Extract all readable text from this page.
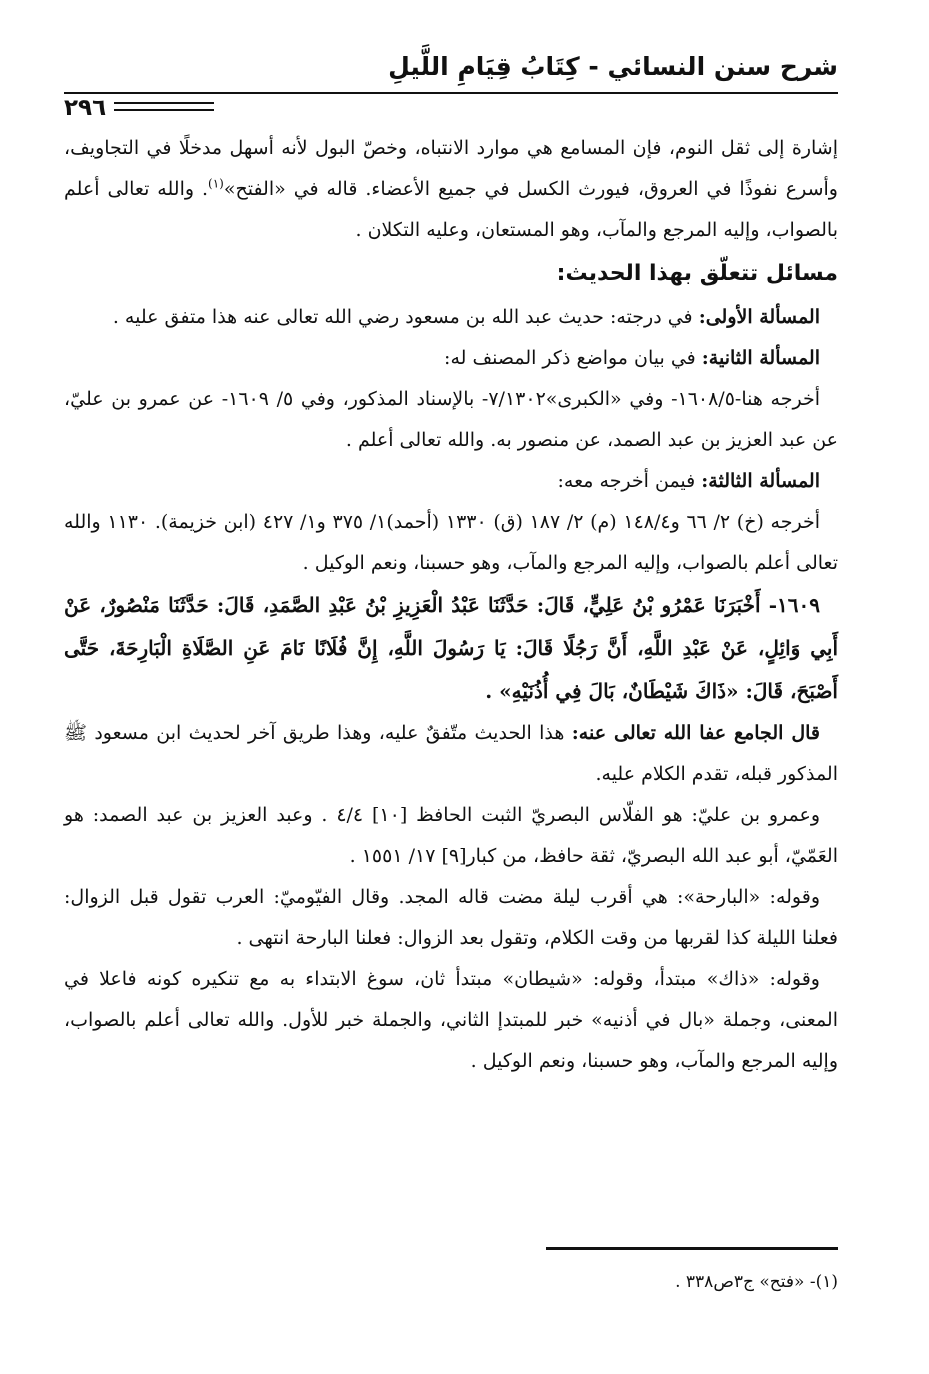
شرح سنن النسائي - كِتَابُ قِيَامِ اللَّيلِ
٢٩٦

إشارة إلى ثقل النوم، فإن المسامع هي موارد الانتباه، وخصّ البول لأنه أسهل مدخلًا في التجاويف، وأسرع نفوذًا في العروق، فيورث الكسل في جميع الأعضاء. قاله في «الفتح»$^{(١)}$. والله تعالى أعلم بالصواب، وإليه المرجع والمآب، وهو المستعان، وعليه التكلان .

مسائل تتعلّق بهذا الحديث:

المسألة الأولى: في درجته: حديث عبد الله بن مسعود رضي الله تعالى عنه هذا متفق عليه .

المسألة الثانية: في بيان مواضع ذكر المصنف له:

أخرجه هنا-١٦٠٨/٥- وفي «الكبرى»٧/١٣٠٢- بالإسناد المذكور، وفي ٥/ ١٦٠٩- عن عمرو بن عليّ، عن عبد العزيز بن عبد الصمد، عن منصور به. والله تعالى أعلم .

المسألة الثالثة: فيمن أخرجه معه:

أخرجه (خ) ٢/ ٦٦ و١٤٨/٤ (م) ٢/ ١٨٧ (ق) ١٣٣٠ (أحمد)١/ ٣٧٥ و١/ ٤٢٧ (ابن خزيمة). ١١٣٠ والله تعالى أعلم بالصواب، وإليه المرجع والمآب، وهو حسبنا، ونعم الوكيل .

١٦٠٩- أَخْبَرَنَا عَمْرُو بْنُ عَلِيٍّ، قَالَ: حَدَّثَنَا عَبْدُ الْعَزِيزِ بْنُ عَبْدِ الصَّمَدِ، قَالَ: حَدَّثَنَا مَنْصُورٌ، عَنْ أَبِي وَائِلٍ، عَنْ عَبْدِ اللَّهِ، أَنَّ رَجُلًا قَالَ: يَا رَسُولَ اللَّهِ، إِنَّ فُلَانًا نَامَ عَنِ الصَّلَاةِ الْبَارِحَةَ، حَتَّى أَصْبَحَ، قَالَ: «ذَاكَ شَيْطَانٌ، بَالَ فِي أُذُنَيْهِ» .

قال الجامع عفا الله تعالى عنه: هذا الحديث متّفقٌ عليه، وهذا طريق آخر لحديث ابن مسعود ﷺ المذكور قبله، تقدم الكلام عليه.

وعمرو بن عليّ: هو الفلّاس البصريّ الثبت الحافظ [١٠] ٤/٤ . وعبد العزيز بن عبد الصمد: هو العَمّيّ، أبو عبد الله البصريّ، ثقة حافظ، من كبار[٩] ١٧/ ١٥٥١ .

وقوله: «البارحة»: هي أقرب ليلة مضت قاله المجد. وقال الفيّوميّ: العرب تقول قبل الزوال: فعلنا الليلة كذا لقربها من وقت الكلام، وتقول بعد الزوال: فعلنا البارحة انتهى .

وقوله: «ذاك» مبتدأ، وقوله: «شيطان» مبتدأ ثان، سوغ الابتداء به مع تنكيره كونه فاعلا في المعنى، وجملة «بال في أذنيه» خبر للمبتدإ الثاني، والجملة خبر للأول. والله تعالى أعلم بالصواب، وإليه المرجع والمآب، وهو حسبنا، ونعم الوكيل .

(١)- «فتح» ج٣ص٣٣٨ .
